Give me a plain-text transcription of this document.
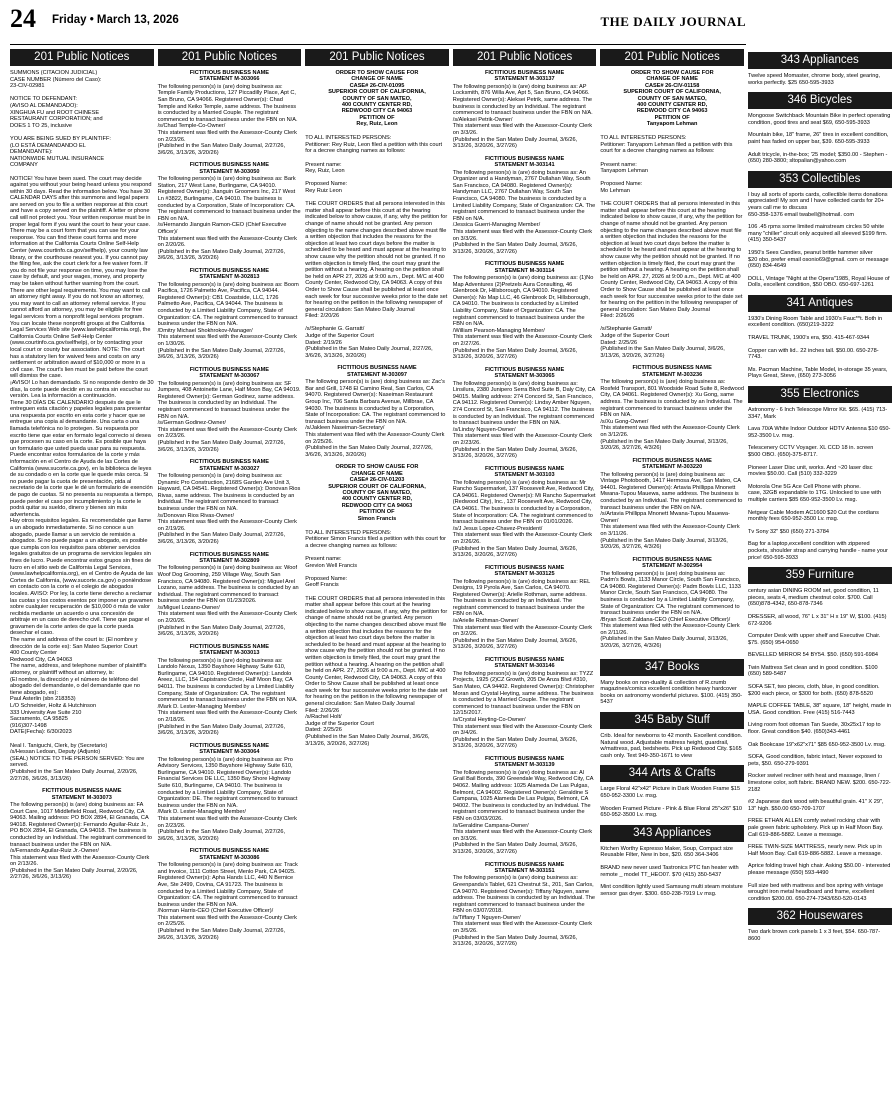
24 Friday • March 13, 2026	THE DAILY JOURNAL
201 Public Notices
SUMMONS (CITACION JUDICIAL)
CASE NUMBER (Número del Caso):
23-CIV-02981

NOTICE TO DEFENDANT:
(AVISO AL DEMANDADO):
XINGHUA FU and ROOT CHINESE
RESTAURANT CORPORATION; and
DOES 1 TO 25, inclusive

YOU ARE BEING SUED BY PLAINTIFF:
(LO ESTÁ DEMANDANDO EL
DEMANDANTE):
NATIONWIDE MUTUAL INSURANCE
COMPANY

NOTICE! You have been sued. The court may decide against you without your being heard unless you respond within 30 days. Read the information below. You have 30 CALENDAR DAYS after this summons and legal papers are served on you to file a written response at this court and have a copy served on the plaintiff. A letter or phone call will not protect you. Your written response must be in proper legal form if you want the court to hear your case. There may be a court form that you can use for your response. You can find these court forms and more information at the California Courts Online Self-Help Center (www.courtinfo.ca.gov/selfhelp), your county law library, or the courthouse nearest you. If you cannot pay the filing fee, ask the court clerk for a fee waiver form. If you do not file your response on time, you may lose the case by default, and your wages, money, and property may be taken without further warning from the court.
There are other legal requirements. You may want to call an attorney right away. If you do not know an attorney, you may want to call an attorney referral service. If you cannot afford an attorney, you may be eligible for free legal services from a nonprofit legal services program. You can locate these nonprofit groups at the California Legal Services Web site (www.lawhelpcalifornia.org), the California Courts Online Self-Help Center (www.courtinfo.ca.gov/selfhelp), or by contacting your local court or county bar association. NOTE: The court has a statutory lien for waived fees and costs on any settlement or arbitration award of $10,000 or more in a civil case. The court's lien must be paid before the court will dismiss the case.
¡AVISO! Lo han demandado. Si no responde dentro de 30 días, la corte puede decidir en su contra sin escuchar su versión. Lea la información a continuación.
Tiene 30 DÍAS DE CALENDARIO después de que le entreguen esta citación y papeles legales para presentar una respuesta por escrito en esta corte y hacer que se entregue una copia al demandante. Una carta o una llamada telefónica no lo protegen. Su respuesta por escrito tiene que estar en formato legal correcto si desea que procesen su caso en la corte. Es posible que haya un formulario que usted pueda usar para su respuesta. Puede encontrar estos formularios de la corte y más información en el Centro de Ayuda de las Cortes de California (www.sucorte.ca.gov), en la biblioteca de leyes de su condado o en la corte que le quede más cerca. Si no puede pagar la cuota de presentación, pida al secretario de la corte que le dé un formulario de exención de pago de cuotas. Si no presenta su respuesta a tiempo, puede perder el caso por incumplimiento y la corte le podrá quitar su sueldo, dinero y bienes sin más advertencia.
Hay otros requisitos legales. Es recomendable que llame a un abogado inmediatamente. Si no conoce a un abogado, puede llamar a un servicio de remisión a abogados. Si no puede pagar a un abogado, es posible que cumpla con los requisitos para obtener servicios legales gratuitos de un programa de servicios legales sin fines de lucro. Puede encontrar estos grupos sin fines de lucro en el sitio web de California Legal Services, (www.lawhelpcalifornia.org), en el Centro de Ayuda de las Cortes de California, (www.sucorte.ca.gov) o poniéndose en contacto con la corte o el colegio de abogados locales. AVISO: Por ley, la corte tiene derecho a reclamar las cuotas y los costos exentos por imponer un gravamen sobre cualquier recuperación de $10,000 ó más de valor recibida mediante un acuerdo o una concesión de arbitraje en un caso de derecho civil. Tiene que pagar el gravamen de la corte antes de que la corte pueda desechar el caso.
The name and address of the court is: (El nombre y dirección de la corte es): San Mateo Superior Court
400 County Center
Redwood City, CA 94063
The name, address, and telephone number of plaintiff's attorney, or plaintiff without an attorney, is:
(El nombre, la dirección y el número de teléfono del abogado del demandante, o del demandante que no tiene abogado, es):
Paul Asterlin (sbn 218353)
L/O Schneider, Holtz & Hutchinson
333 University Ave Suite 210
Sacramento, CA 95825
(916)307-1498
DATE(Fecha): 6/30/2023

Neal I. Taniguchi, Clerk, by (Secretario)
/s/Hessan Ledoan, Deputy (Adjunto)
(SEAL) NOTICE TO THE PERSON SERVED: You are served.
(Published in the San Mateo Daily Journal, 2/20/26, 2/27/26, 3/6/26, 3/13/26)
FICTITIOUS BUSINESS NAME
STATEMENT M-303073
The following person(s) is (are) doing business as: FA Court Care, 1017 Middlefield Road, Redwood City, CA 94063. Mailing address: PO BOX 2894, El Granada, CA 94018. Registered Owner(s): Fernando Aguilar-Ruiz Jr., PO BOX 2894, El Granada, CA 94018. The business is conducted by an Individual. The registrant commenced to transact business under the FBN on N/A.
/s/Fernando Aguilar-Ruiz Jr.-Owner/
This statement was filed with the Assessor-County Clerk on 2/13/26.
(Published in the San Mateo Daily Journal, 2/20/26, 2/27/26, 3/6/26, 3/13/26)
201 Public Notices
FICTITIOUS BUSINESS NAME
STATEMENT M-303066
The following person(s) is (are) doing business as: Temple Family Productions, 127 Piccadilly Place, Apt C, San Bruno, CA 94066. Registered Owner(s): Chad Temple and Keiko Temple, same address. The business is conducted by a Married Couple. The registrant commenced to transact business under the FBN on N/A.
/s/Chad Temple-Co-Owner/
This statement was filed with the Assessor-County Clerk on 2/23/26.
(Published in the San Mateo Daily Journal, 2/27/26, 3/6/26, 3/13/26, 3/20/26)
FICTITIOUS BUSINESS NAME
STATEMENT M-303050
The following person(s) is (are) doing business as: Bark Station, 217 West Lane, Burlingame, CA 94010. Registered Owner(s): Jianguin Groomers Inc, 217 West Ln #3822, Burlingame, CA 94010. The business is conducted by a Corporation, State of Incorporation: CA. The registrant commenced to transact business under the FBN on N/A.
/s/Hernando Jianguin Ramon-CEO (Chief Executive Officer)/
This statement was filed with the Assessor-County Clerk on 2/20/26.
(Published in the San Mateo Daily Journal, 2/27/26, 3/6/26, 3/13/26, 3/20/26)
FICTITIOUS BUSINESS NAME
STATEMENT M-302813
The following person(s) is (are) doing business as: Boom Pacifica, 1726 Palmetto Ave, Pacifica, CA 94044. Registered Owner(s): CB1 Coastside, LLC, 1726 Palmetto Ave, Pacifica, CA 94044. The business is conducted by a Limited Liability Company, State of Organization: CA. The registrant commenced to transact business under the FBN on N/A.
/Dmitry Michael Shokhrokov-Manager/
This statement was filed with the Assessor-County Clerk on 1/30/26.
(Published in the San Mateo Daily Journal, 2/27/26, 3/6/26, 3/13/26, 3/20/26)
FICTITIOUS BUSINESS NAME
STATEMENT M-303067
The following person(s) is (are) doing business as: SF Jumpers, 408 Antoinette Lane, Half Moon Bay, CA 94019. Registered Owner(s): German Godinez, same address. The business is conducted by an Individual. The registrant commenced to transact business under the FBN on N/A.
/s/German Godinez-Owner/
This statement was filed with the Assessor-County Clerk on 2/23/26.
(Published in the San Mateo Daily Journal, 2/27/26, 3/6/26, 3/13/26, 3/20/26)
FICTITIOUS BUSINESS NAME
STATEMENT M-303027
The following person(s) is (are) doing business as: Dynamic Pro Construction, 2168S Garden Ave Unit 3, Hayward, CA 94541. Registered Owner(s): Donovan Rios Rivas, same address. The business is conducted by an Individual. The registrant commenced to transact business under the FBN on N/A.
/s/Donovan Rios Rivas-Owner/
This statement was filed with the Assessor-County Clerk on 2/19/26.
(Published in the San Mateo Daily Journal, 2/27/26, 3/6/26, 3/13/26, 3/20/26)
FICTITIOUS BUSINESS NAME
STATEMENT M-302809
The following person(s) is (are) doing business as: Woof Woof Dog Grooming, 259 Village Way, South San Francisco, CA 94080. Registered Owner(s): Miguel Arel Lozano, same address. The business is conducted by an Individual. The registrant commenced to transact business under the FBN on 01/23/2026.
/s/Miguel Lozano-Owner/
This statement was filed with the Assessor-County Clerk on 2/20/26.
(Published in the San Mateo Daily Journal, 2/27/26, 3/6/26, 3/13/26, 3/20/26)
FICTITIOUS BUSINESS NAME
STATEMENT M-303013
The following person(s) is (are) doing business as: Landolo Nexus, 1350 Bayshore Highway Suite 610, Burlingame, CA 94010. Registered Owner(s): Landolo Areez, LLC, 154 Capistrano Circle, Half Moon Bay, CA 94011. The business is conducted by a Limited Liability Company, State of Organization: CA. The registrant commenced to transact business under the FBN on N/A.
/Mark D. Lester-Managing Member/
This statement was filed with the Assessor-County Clerk on 2/18/26.
(Published in the San Mateo Daily Journal, 2/27/26, 3/6/26, 3/13/26, 3/20/26)
FICTITIOUS BUSINESS NAME
STATEMENT M-303064
The following person(s) is (are) doing business as: Pro Advisory Services, 1350 Bayshore Highway Suite 610, Burlingame, CA 94010. Registered Owner(s): Landolo Financial Services DE LLC, 1350 Bay Shore Highway Suite 610, Burlingame, CA 94010. The business is conducted by a Limited Liability Company, State of Organization: DE. The registrant commenced to transact business under the FBN on N/A.
/Mark D. Lester-Managing Member/
This statement was filed with the Assessor-County Clerk on 2/23/26.
(Published in the San Mateo Daily Journal, 2/27/26, 3/6/26, 3/13/26, 3/20/26)
FICTITIOUS BUSINESS NAME
STATEMENT M-303086
The following person(s) is (are) doing business as: Track and Invoice, 1111 Cotton Street, Menlo Park, CA 94025. Registered Owner(s): Apha Hands LLC, 440 N Bernice Ave, Ste 2499, Covina, CA 91723. The business is conducted by a Limited Liability Company, State of Organization: CA. The registrant commenced to transact business under the FBN on N/A.
/Norman Harris-CEO (Chief Executive Officer)/
This statement was filed with the Assessor-County Clerk on 2/25/26.
(Published in the San Mateo Daily Journal, 2/27/26, 3/6/26, 3/13/26, 3/20/26)
201 Public Notices
ORDER TO SHOW CAUSE FOR
CHANGE OF NAME
CASE# 26-CIV-01095
SUPERIOR COURT OF CALIFORNIA,
COUNTY OF SAN MATEO,
400 COUNTY CENTER RD,
REDWOOD CITY CA 94063
PETITION OF
Rey, Ruiz, Leon

TO ALL INTERESTED PERSONS:
Petitioner: Rey Ruiz, Leon filed a petition with this court for a decree changing names as follows:

Present name:
Rey, Ruiz, Leon

Proposed Name:
Rey Ruiz Leon

THE COURT ORDERS that all persons interested in this matter shall appear before this court at the hearing indicated below to show cause, if any, why the petition for change of name should not be granted. Any person objecting to the name changes described above must file a written objection that includes the reasons for the objection at least two court days before the matter is scheduled to be heard and must appear at the hearing to show cause why the petition should not be granted. If no written objection is timely filed, the court may grant the petition without a hearing. A hearing on the petition shall be held on APR 27, 2026 at 9:00 a.m., Dept. M/C at 400 County Center, Redwood City, CA 94063. A copy of this Order to Show Cause shall be published at least once each week for four successive weeks prior to the date set for hearing on the petition in the following newspaper of general circulation: San Mateo Daily Journal
Filed: 2/20/26

/s/Stephanie G. Garratt/
Judge of the Superior Court
Dated: 2/19/26
(Published in the San Mateo Daily Journal, 2/27/26, 3/6/26, 3/13/26, 3/20/26)
FICTITIOUS BUSINESS NAME
STATEMENT M-303097
The following person(s) is (are) doing business as: Zac's Bar and Grill, 1748 El Camino Real, San Carlos, CA 94070. Registered Owner(s): Naseiman Restaurant Group Inc, 706 Santa Barbara Avenue, Millbrae, CA 94030. The business is conducted by a Corporation, State of Incorporation: CA. The registrant commenced to transact business under the FBN on N/A.
/s/Jakleen Naseiman-Secretary/
This statement was filed with the Assessor-County Clerk on 2/25/26.
(Published in the San Mateo Daily Journal, 2/27/26, 3/6/26, 3/13/26, 3/20/26)
ORDER TO SHOW CAUSE FOR
CHANGE OF NAME
CASE# 26-CIV-01203
SUPERIOR COURT OF CALIFORNIA,
COUNTY OF SAN MATEO,
400 COUNTY CENTER RD,
REDWOOD CITY CA 94063
PETITION OF
Simon Francis

TO ALL INTERESTED PERSONS:
Petitioner Simon Francis filed a petition with this court for a decree changing names as follows:

Present name:
Grevion Well Francis

Proposed Name:
Geoff Francis

THE COURT ORDERS that all persons interested in this matter shall appear before this court at the hearing indicated below to show cause, if any, why the petition for change of name should not be granted. Any person objecting to the name changes described above must file a written objection that includes the reasons for the objection at least two court days before the matter is scheduled to be heard and must appear at the hearing to show cause why the petition should not be granted. If no written objection is timely filed, the court may grant the petition without a hearing. A hearing on the petition shall be held on APR. 27, 2026 at 9:00 a.m., Dept. M/C at 400 County Center, Redwood City, CA 94063. A copy of this Order to Show Cause shall be published at least once each week for four successive weeks prior to the date set for hearing on the petition in the following newspaper of general circulation: San Mateo Daily Journal
Filed: 2/26/26
/s/Rachel Holt/
Judge of the Superior Court
Dated: 2/25/26
(Published in the San Mateo Daily Journal, 3/6/26, 3/13/26, 3/20/26, 3/27/26)
201 Public Notices
FICTITIOUS BUSINESS NAME
STATEMENT M-303137
The following person(s) is (are) doing business as: AP Locksmith, 876 Willa Ave, Apt 5, San Bruno, CA 94066. Registered Owner(s): Aleksei Petrik, same address. The business is conducted by an Individual. The registrant commenced to transact business under the FBN on N/A.
/s/Aleksei Petrik-Owner/
This statement was filed with the Assessor-County Clerk on 3/3/26.
(Published in the San Mateo Daily Journal, 3/6/26, 3/13/26, 3/20/26, 3/27/26)
FICTITIOUS BUSINESS NAME
STATEMENT M-303141
The following person(s) is (are) doing business as: An Organizer and a Handyman, 2767 Dullahan Way, South San Francisco, CA 94080. Registered Owner(s): Handyman LLC, 2767 Dullahan Way, South San Francisco, CA 94080. The business is conducted by a Limited Liability Company, State of Organization: CA. The registrant commenced to transact business under the FBN on N/A.
/Jessica Guerri-Managing Member/
This statement was filed with the Assessor-County Clerk on 3/3/26.
(Published in the San Mateo Daily Journal, 3/6/26, 3/13/26, 3/20/26, 3/27/26)
FICTITIOUS BUSINESS NAME
STATEMENT M-303114
The following person(s) is (are) doing business as: (1)No Map Adventures (2)Pretzels Aura Consulting, 46 Glenbrook Dr, Hillsborough, CA 94010. Registered Owner(s): No Map LLC, 46 Glenbrook Dr, Hillsborough, CA 94010. The business is conducted by a Limited Liability Company, State of Organization: CA. The registrant commenced to transact business under the FBN on N/A.
/William Pearson-Managing Member/
This statement was filed with the Assessor-County Clerk on 2/27/26.
(Published in the San Mateo Daily Journal, 3/6/26, 3/13/26, 3/20/26, 3/27/26)
FICTITIOUS BUSINESS NAME
STATEMENT M-303065
The following person(s) is (are) doing business as: Linsilura, 2380 Junipero Serra Blvd Suite B, Daly City, CA 94015. Mailing address: 274 Concord St, San Francisco, CA 94112. Registered Owner(s): Lindsy Amber Nguyen, 274 Concord St, San Francisco, CA 94112. The business is conducted by an Individual. The registrant commenced to transact business under the FBN on N/A.
/s/Lindsy Nguyen-Owner/
This statement was filed with the Assessor-County Clerk on 2/23/26.
(Published in the San Mateo Daily Journal, 3/6/26, 3/13/26, 3/20/26, 3/27/26)
FICTITIOUS BUSINESS NAME
STATEMENT M-303103
The following person(s) is (are) doing business as: Mr Rancho Supermarket, 137 Roosevelt Ave, Redwood City, CA 94061. Registered Owner(s): Mi Rancho Supermarket (Redwood City), Inc., 137 Roosevelt Ave, Redwood City, CA 94061. The business is conducted by a Corporation, State of Incorporation: CA. The registrant commenced to transact business under the FBN on 01/01/2026.
/s/J Jesus Lopez-Chavez-President/
This statement was filed with the Assessor-County Clerk on 2/26/26.
(Published in the San Mateo Daily Journal, 3/6/26, 3/13/26, 3/20/26, 3/27/26)
FICTITIOUS BUSINESS NAME
STATEMENT M-303125
The following person(s) is (are) doing business as: REL Designs, 19 Pyrola Ave, San Carlos, CA 94070. Registered Owner(s): Arielle Rothman, same address. The business is conducted by an Individual. The registrant commenced to transact business under the FBN on N/A.
/s/Arielle Rothman-Owner/
This statement was filed with the Assessor-County Clerk on 3/2/26.
(Published in the San Mateo Daily Journal, 3/6/26, 3/13/26, 3/20/26, 3/27/26)
FICTITIOUS BUSINESS NAME
STATEMENT M-303146
The following person(s) is (are) doing business as: TYZZ Projects, 1925 (2)CZ Growth, 205 De Anza Blvd #310, San Mateo, CA 94402. Registered Owner(s): Christopher Moran and Crystal Heyting, same address. The business is conducted by a Married Couple. The registrant commenced to transact business under the FBN on 12/15/2017.
/s/Crystal Heyting-Co-Owner/
This statement was filed with the Assessor-County Clerk on 3/4/26.
(Published in the San Mateo Daily Journal, 3/6/26, 3/13/26, 3/20/26, 3/27/26)
FICTITIOUS BUSINESS NAME
STATEMENT M-303139
The following person(s) is (are) doing business as: Al Grail Bail Bonds, 390 Greendale Way, Redwood City, CA 94062. Mailing address: 1025 Alameda De Las Pulgas, Belmont, CA 94002. Registered Owner(s): Geraldine S Campana, 1025 Alameda De Las Pulgas, Belmont, CA 94002. The business is conducted by an Individual. The registrant commenced to transact business under the FBN on 03/03/2026.
/s/Geraldine Campana-Owner/
This statement was filed with the Assessor-County Clerk on 3/3/26.
(Published in the San Mateo Daily Journal, 3/6/26, 3/13/26, 3/20/26, 3/27/26)
FICTITIOUS BUSINESS NAME
STATEMENT M-303151
The following person(s) is (are) doing business as: Greenpanda's Tablet, 621 Chestnut St., 201, San Carlos, CA 94070. Registered Owner(s): Tiffany Nguyen, same address. The business is conducted by an Individual. The registrant commenced to transact business under the FBN on 03/07/2018.
/s/Tiffany T Nguyen-Owner/
This statement was filed with the Assessor-County Clerk on 3/5/26.
(Published in the San Mateo Daily Journal, 3/6/26, 3/13/26, 3/20/26, 3/27/26)
201 Public Notices
ORDER TO SHOW CAUSE FOR
CHANGE OF NAME
CASE# 26-CIV-01158
SUPERIOR COURT OF CALIFORNIA,
COUNTY OF SAN MATEO,
400 COUNTY CENTER RD,
REDWOOD CITY CA 94063
PETITION OF
Tanyapom Lehman

TO ALL INTERESTED PERSONS:
Petitioner: Tanyapom Lehman filed a petition with this court for a decree changing names as follows:

Present name:
Tanyapom Lehman

Proposed Name:
Mo Lehman

THE COURT ORDERS that all persons interested in this matter shall appear before this court at the hearing indicated below to show cause, if any, why the petition for change of name should not be granted. Any person objecting to the name changes described above must file a written objection that includes the reasons for the objection at least two court days before the matter is scheduled to be heard and must appear at the hearing to show cause why the petition should not be granted. If no written objection is timely filed, the court may grant the petition without a hearing. A hearing on the petition shall be held on APR. 27, 2026 at 9:00 a.m., Dept. M/C at 400 County Center, Redwood City, CA 94063. A copy of this Order to Show Cause shall be published at least once each week for four successive weeks prior to the date set for hearing on the petition in the following newspaper of general circulation: San Mateo Daily Journal
Filed: 2/26/26

/s/Stephanie Garratt/
Judge of the Superior Court
Dated: 2/25/26
(Published in the San Mateo Daily Journal, 3/6/26, 3/13/26, 3/20/26, 3/27/26)
FICTITIOUS BUSINESS NAME
STATEMENT M-303236
The following person(s) is (are) doing business as: Rosfeld Transport, 801 Woodside Road Suite 8, Redwood City, CA 94061. Registered Owner(s): Xu Gong, same address. The business is conducted by an Individual. The registrant commenced to transact business under the FBN on N/A.
/s/Xu Gong-Owner/
This statement was filed with the Assessor-County Clerk on 3/12/26.
(Published in the San Mateo Daily Journal, 3/13/26, 3/20/26, 3/27/26, 4/3/26)
FICTITIOUS BUSINESS NAME
STATEMENT M-303220
The following person(s) is (are) doing business as: Vintage Photobooth, 1417 Hermosa Ave, San Mateo, CA 94401. Registered Owner(s): Artavia Phillippa Mnonett Mwana-Tupou Mauewa, same address. The business is conducted by an Individual. The registrant commenced to transact business under the FBN on N/A.
/s/Artavia Phillippa Mnonett Mwana-Tupou Mauewa-Owner/
This statement was filed with the Assessor-County Clerk on 3/11/26.
(Published in the San Mateo Daily Journal, 3/13/26, 3/20/26, 3/27/26, 4/3/26)
FICTITIOUS BUSINESS NAME
STATEMENT M-302954
The following person(s) is (are) doing business as: Padm's Bowls, 1133 Manor Circle, South San Francisco, CA 94080. Registered Owner(s): Padm Bowls LLC, 1133 Manor Circle, South San Francisco, CA 94080. The business is conducted by a Limited Liability Company, State of Organization: CA. The registrant commenced to transact business under the FBN on N/A.
/Bryan Scott Zaldana-CEO (Chief Executive Officer)/
This statement was filed with the Assessor-County Clerk on 2/11/26.
(Published in the San Mateo Daily Journal, 3/13/26, 3/20/26, 3/27/26, 4/3/26)
347 Books
Many books on non-duality & collection of R.crumb magazines/comics excellent condition heavy hardcover books on astronomy wonderful pictures. $100. (415) 350-5437
345 Baby Stuff
Crib. Ideal for newborns to 42 month. Excellent condition. Natural wood. Adjustable mattress height, guardrail, w/mattress, pad, bedsheets. Pick up Redwood City. $165 cash only. Text 949-350-1671 to view
344 Arts & Crafts
Large Floral 42"x42" Picture in Dark Wooden Frame $15 650-952-3300 Lv. msg.
Wooden Framed Picture - Pink & Blue Floral 25"x26" $10 650-952-3500 Lv. msg.
343 Appliances
Kitchen Worthy Expresso Maker, Soup, Compact size Reusable Filter, New in box, $20. 650 364-3406
BRAND new never used Tastronics PTC fan heater with remote _ model TT_HEO07. $70 (415) 350-5437
Mint condition lightly used Samsung multi steam moisture sensor gas dryer. $300. 650-238-7919 Lv msg.
343 Appliances
Twelve speed Momaster, chrome body, steel gearing, works perfectly. $25 650-595-3933
346 Bicycles
Mongoose Switchback Mountain Bike in perfect operating condition, good tires and seat $69, 650-595-3933
Mountain bike, 18" frame, 26" tires in excellent condition, paint has faded on upper bar, $39. 650-595-3933
Adult tricycle, in-the-box; '25 model; $350.00 - Stephen - (650) 280-3800; sltopalian@yahoo.com
353 Collectibles
I buy all sorts of sports cards, collectible items donations appreciated! My son and I have collected cards for 20+ years call me to discuss
650-358-1376 email twabell@hotmail. com
106 .45 rpms some limited mainstream circles 50 white many "chiller" circuit only acquired all sleeved $199 firm. (415) 350-5437
1950's Sees Candies, peanut brittle hammer silver
$20 obo, prefer email osonio69@gmail. com or message (650) 834-4649
DOLL, Vintage "Night at the Opera"1985, Royal House of Dolls, excellent condition, $50 OBO. 650-697-1261
341 Antiques
1930's Dining Room Table and 1930's Fauc**t. Both in excellent condition. (650)219-3222
TRAVEL TRUNK, 1900's era, $50. 415-467-9344
Copper can with lid.. 22 inches tall. $50.00. 650-278-7743.
Ms. Pacman Machine, Table Model, in-storage 35 years, Plays Great, Steve, (650) 273-3056
355 Electronics
Astronomy - 6 Inch Telescope Mirror Kit. $65. (415) 713-3347, Mark
Lava 70/A White Indoor Outdoor HDTV Antenna $10 650-952-3500 Lv. msg.
Telescenery CCTV Voyager. XL CCD 18 in. screen
$500 OBO. (650)-375-8717.
Pioneer Laser Disc unit, works. And ~20 laser disc movies $50.00. Call (510) 332-3229
Motorola One 5G Ace Cell Phone with phone.
case, 32GB expandable to 1TG. Unlocked to use with multiple carriers $85 650-952-3500 Lv. msg.
Netgear Cable Modem AC1600 $20 Cut the cordians monthly fees 650-952-3500 Lv. msg.
Tv Sony 32" $50 (650) 271-3784
Bag for a laptop,excellent condition with zippered pockets, shoulder strap and carrying handle - name your price! 650-595-3933
359 Furniture
century asian DINING ROOM set, good condition, 11 pieces, seats 4, medium chestnut color. $700. Call (650)878-4342, 650-878-7346
DRESSER, all wood, 76" L x 31" H x 19" W, $100. (415) 672-9206
Computer Desk with upper shelf and Executive Chair. $75. (650) 954-0650
BEVELLED MIRROR 54 BY54. $50. (650) 591-6984
Twin Mattress Set clean and in good condition. $100 (650) 589-5487
SOFA SET, two pieces, cloth, blue, in good condition. $200 each piece, or $300 for both. (650) 878-5520
MAPLE COFFEE TABLE, 38" square, 18" height, made in USA. Good condition. Free (415) 516-7443
Living room foot ottoman Tan Suede, 30x25x17 top to floor. Great condition $40. (650)343-4461
Oak Bookcase 19"x62"x71" $85 650-952-3500 Lv. msg.
SOFA, Good condition, fabric intact, Never exposed to pets, $50. 650-279-9391
Rocker swivel recliner with heat and massage, linen / limestone color, soft fabric. BRAND NEW. $200. 650-722-2182
#2 Japanese dark wood with beautiful grain. 41" X 29", 13" high. $50.00 650-709-1707
FREE ETHAN ALLEN comfy swivel rocking chair with pale green fabric upholstery. Pick up in Half Moon Bay. Call 619-886-5882. Leave a message.
FREE TWIN-SIZE MATTRESS, nearly new. Pick up in Half Moon Bay. Call 619-886-5882. Leave a message.
Aprice folding travel high chair. Asking $50.00 - interested please message (650) 593-4490
Full size bed with mattress and box spring with vintage wrought iron metal headboard and frame, excellent condition $200.00. 650-274-7343/650-520-0143
362 Housewares
Two dark brown cork panels 1 x 3 feet, $54. 650-787-8600
